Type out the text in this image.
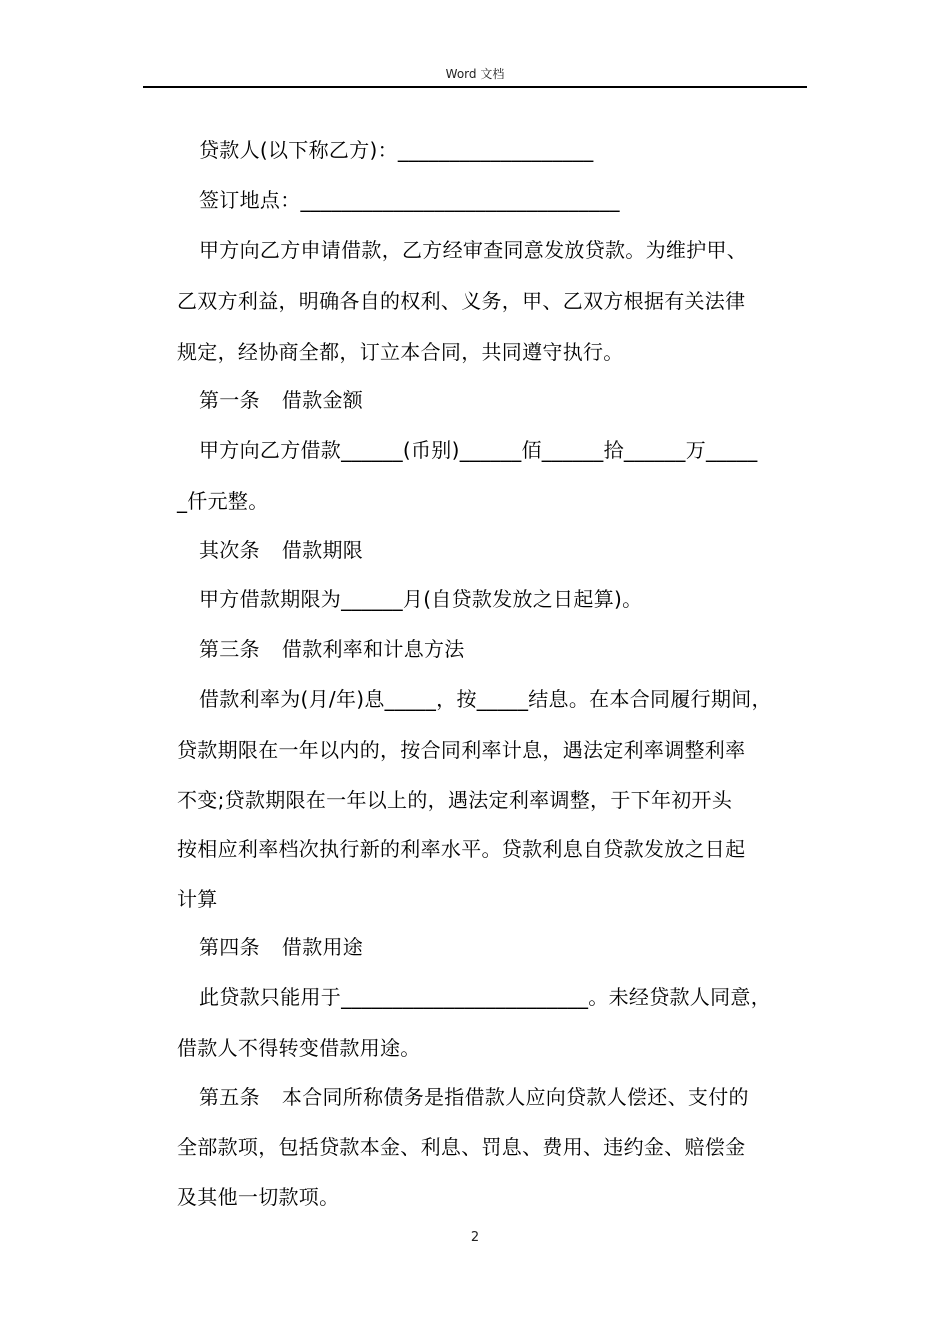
Word 文档
贷款人(以下称乙方)：___________________
签订地点：_______________________________
甲方向乙方申请借款，乙方经审查同意发放贷款。为维护甲、
乙双方利益，明确各自的权利、义务，甲、乙双方根据有关法律
规定，经协商全都，订立本合同，共同遵守执行。
第一条 借款金额
甲方向乙方借款______(币别)______佰______拾______万_____
_仟元整。
其次条 借款期限
甲方借款期限为______月(自贷款发放之日起算)。
第三条 借款利率和计息方法
借款利率为(月/年)息_____，按_____结息。在本合同履行期间，
贷款期限在一年以内的，按合同利率计息，遇法定利率调整利率
不变;贷款期限在一年以上的，遇法定利率调整，于下年初开头
按相应利率档次执行新的利率水平。贷款利息自贷款发放之日起
计算
第四条 借款用途
此贷款只能用于________________________。未经贷款人同意，
借款人不得转变借款用途。
第五条 本合同所称债务是指借款人应向贷款人偿还、支付的
全部款项，包括贷款本金、利息、罚息、费用、违约金、赔偿金
及其他一切款项。
2
